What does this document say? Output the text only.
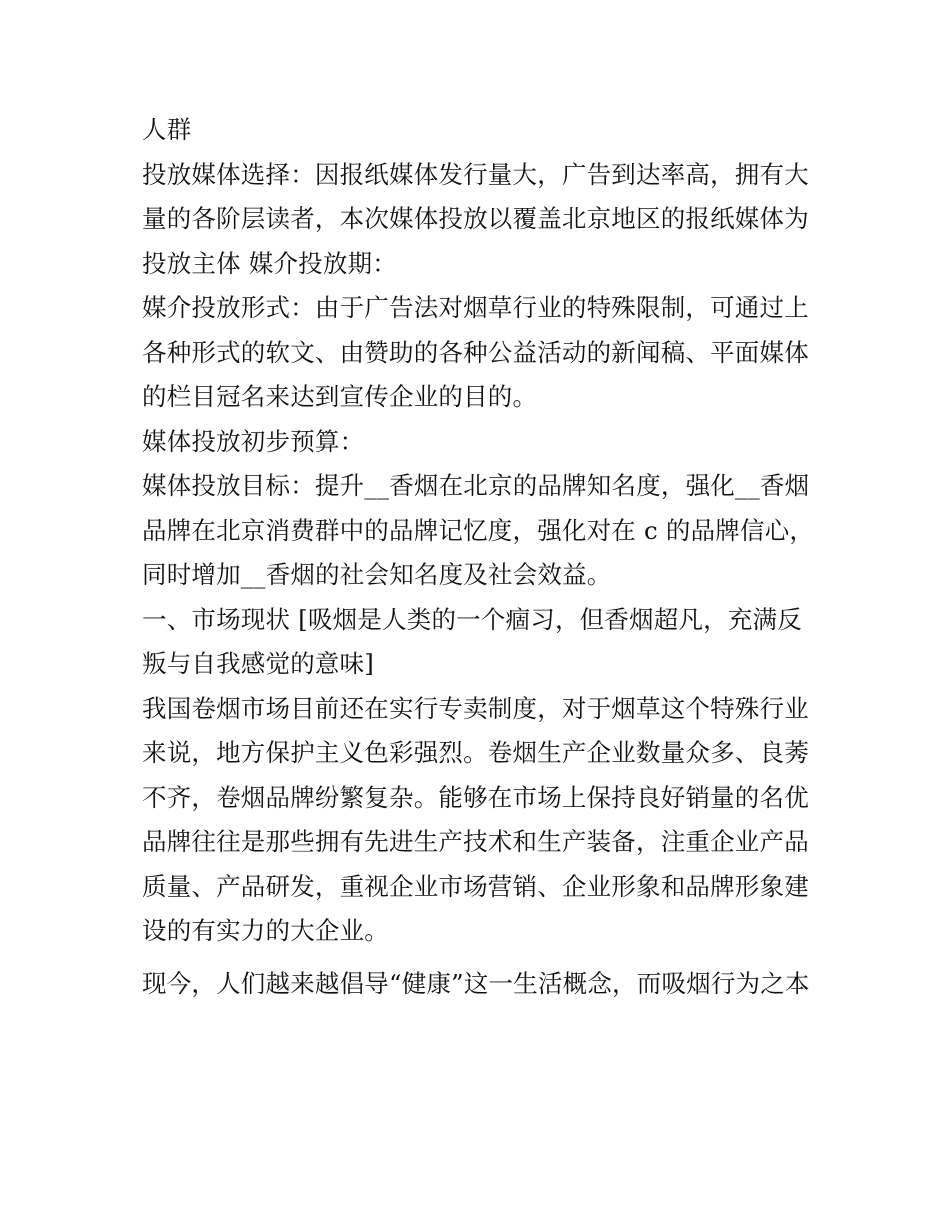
人群
投放媒体选择：因报纸媒体发行量大，广告到达率高，拥有大
量的各阶层读者，本次媒体投放以覆盖北京地区的报纸媒体为
投放主体 媒介投放期：
媒介投放形式：由于广告法对烟草行业的特殊限制，可通过上
各种形式的软文、由赞助的各种公益活动的新闻稿、平面媒体
的栏目冠名来达到宣传企业的目的。
媒体投放初步预算：
媒体投放目标：提升__香烟在北京的品牌知名度，强化__香烟
品牌在北京消费群中的品牌记忆度，强化对在 c 的品牌信心，
同时增加__香烟的社会知名度及社会效益。
一、市场现状 [吸烟是人类的一个痼习，但香烟超凡，充满反
叛与自我感觉的意味]
我国卷烟市场目前还在实行专卖制度，对于烟草这个特殊行业
来说，地方保护主义色彩强烈。卷烟生产企业数量众多、良莠
不齐，卷烟品牌纷繁复杂。能够在市场上保持良好销量的名优
品牌往往是那些拥有先进生产技术和生产装备，注重企业产品
质量、产品研发，重视企业市场营销、企业形象和品牌形象建
设的有实力的大企业。
现今，人们越来越倡导“健康”这一生活概念，而吸烟行为之本
